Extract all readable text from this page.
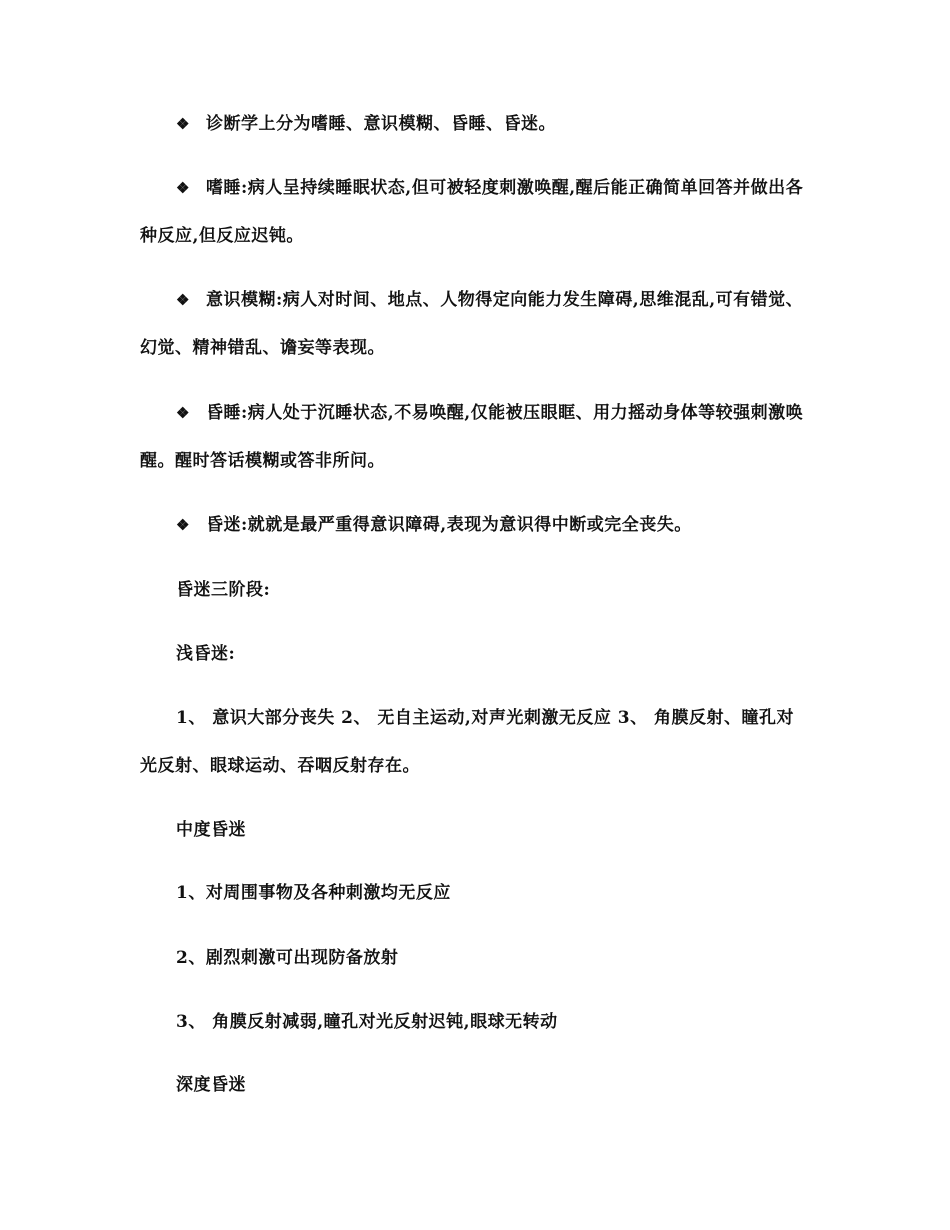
❖ 诊断学上分为嗜睡、意识模糊、昏睡、昏迷。

❖ 嗜睡:病人呈持续睡眠状态,但可被轻度刺激唤醒,醒后能正确简单回答并做出各种反应,但反应迟钝。

❖ 意识模糊:病人对时间、地点、人物得定向能力发生障碍,思维混乱,可有错觉、幻觉、精神错乱、谵妄等表现。

❖ 昏睡:病人处于沉睡状态,不易唤醒,仅能被压眼眶、用力摇动身体等较强刺激唤醒。醒时答话模糊或答非所问。

❖ 昏迷:就就是最严重得意识障碍,表现为意识得中断或完全丧失。

昏迷三阶段:

浅昏迷:

1、 意识大部分丧失 2、 无自主运动,对声光刺激无反应 3、 角膜反射、瞳孔对光反射、眼球运动、吞咽反射存在。

中度昏迷

1、对周围事物及各种刺激均无反应

2、剧烈刺激可出现防备放射

3、 角膜反射减弱,瞳孔对光反射迟钝,眼球无转动

深度昏迷
